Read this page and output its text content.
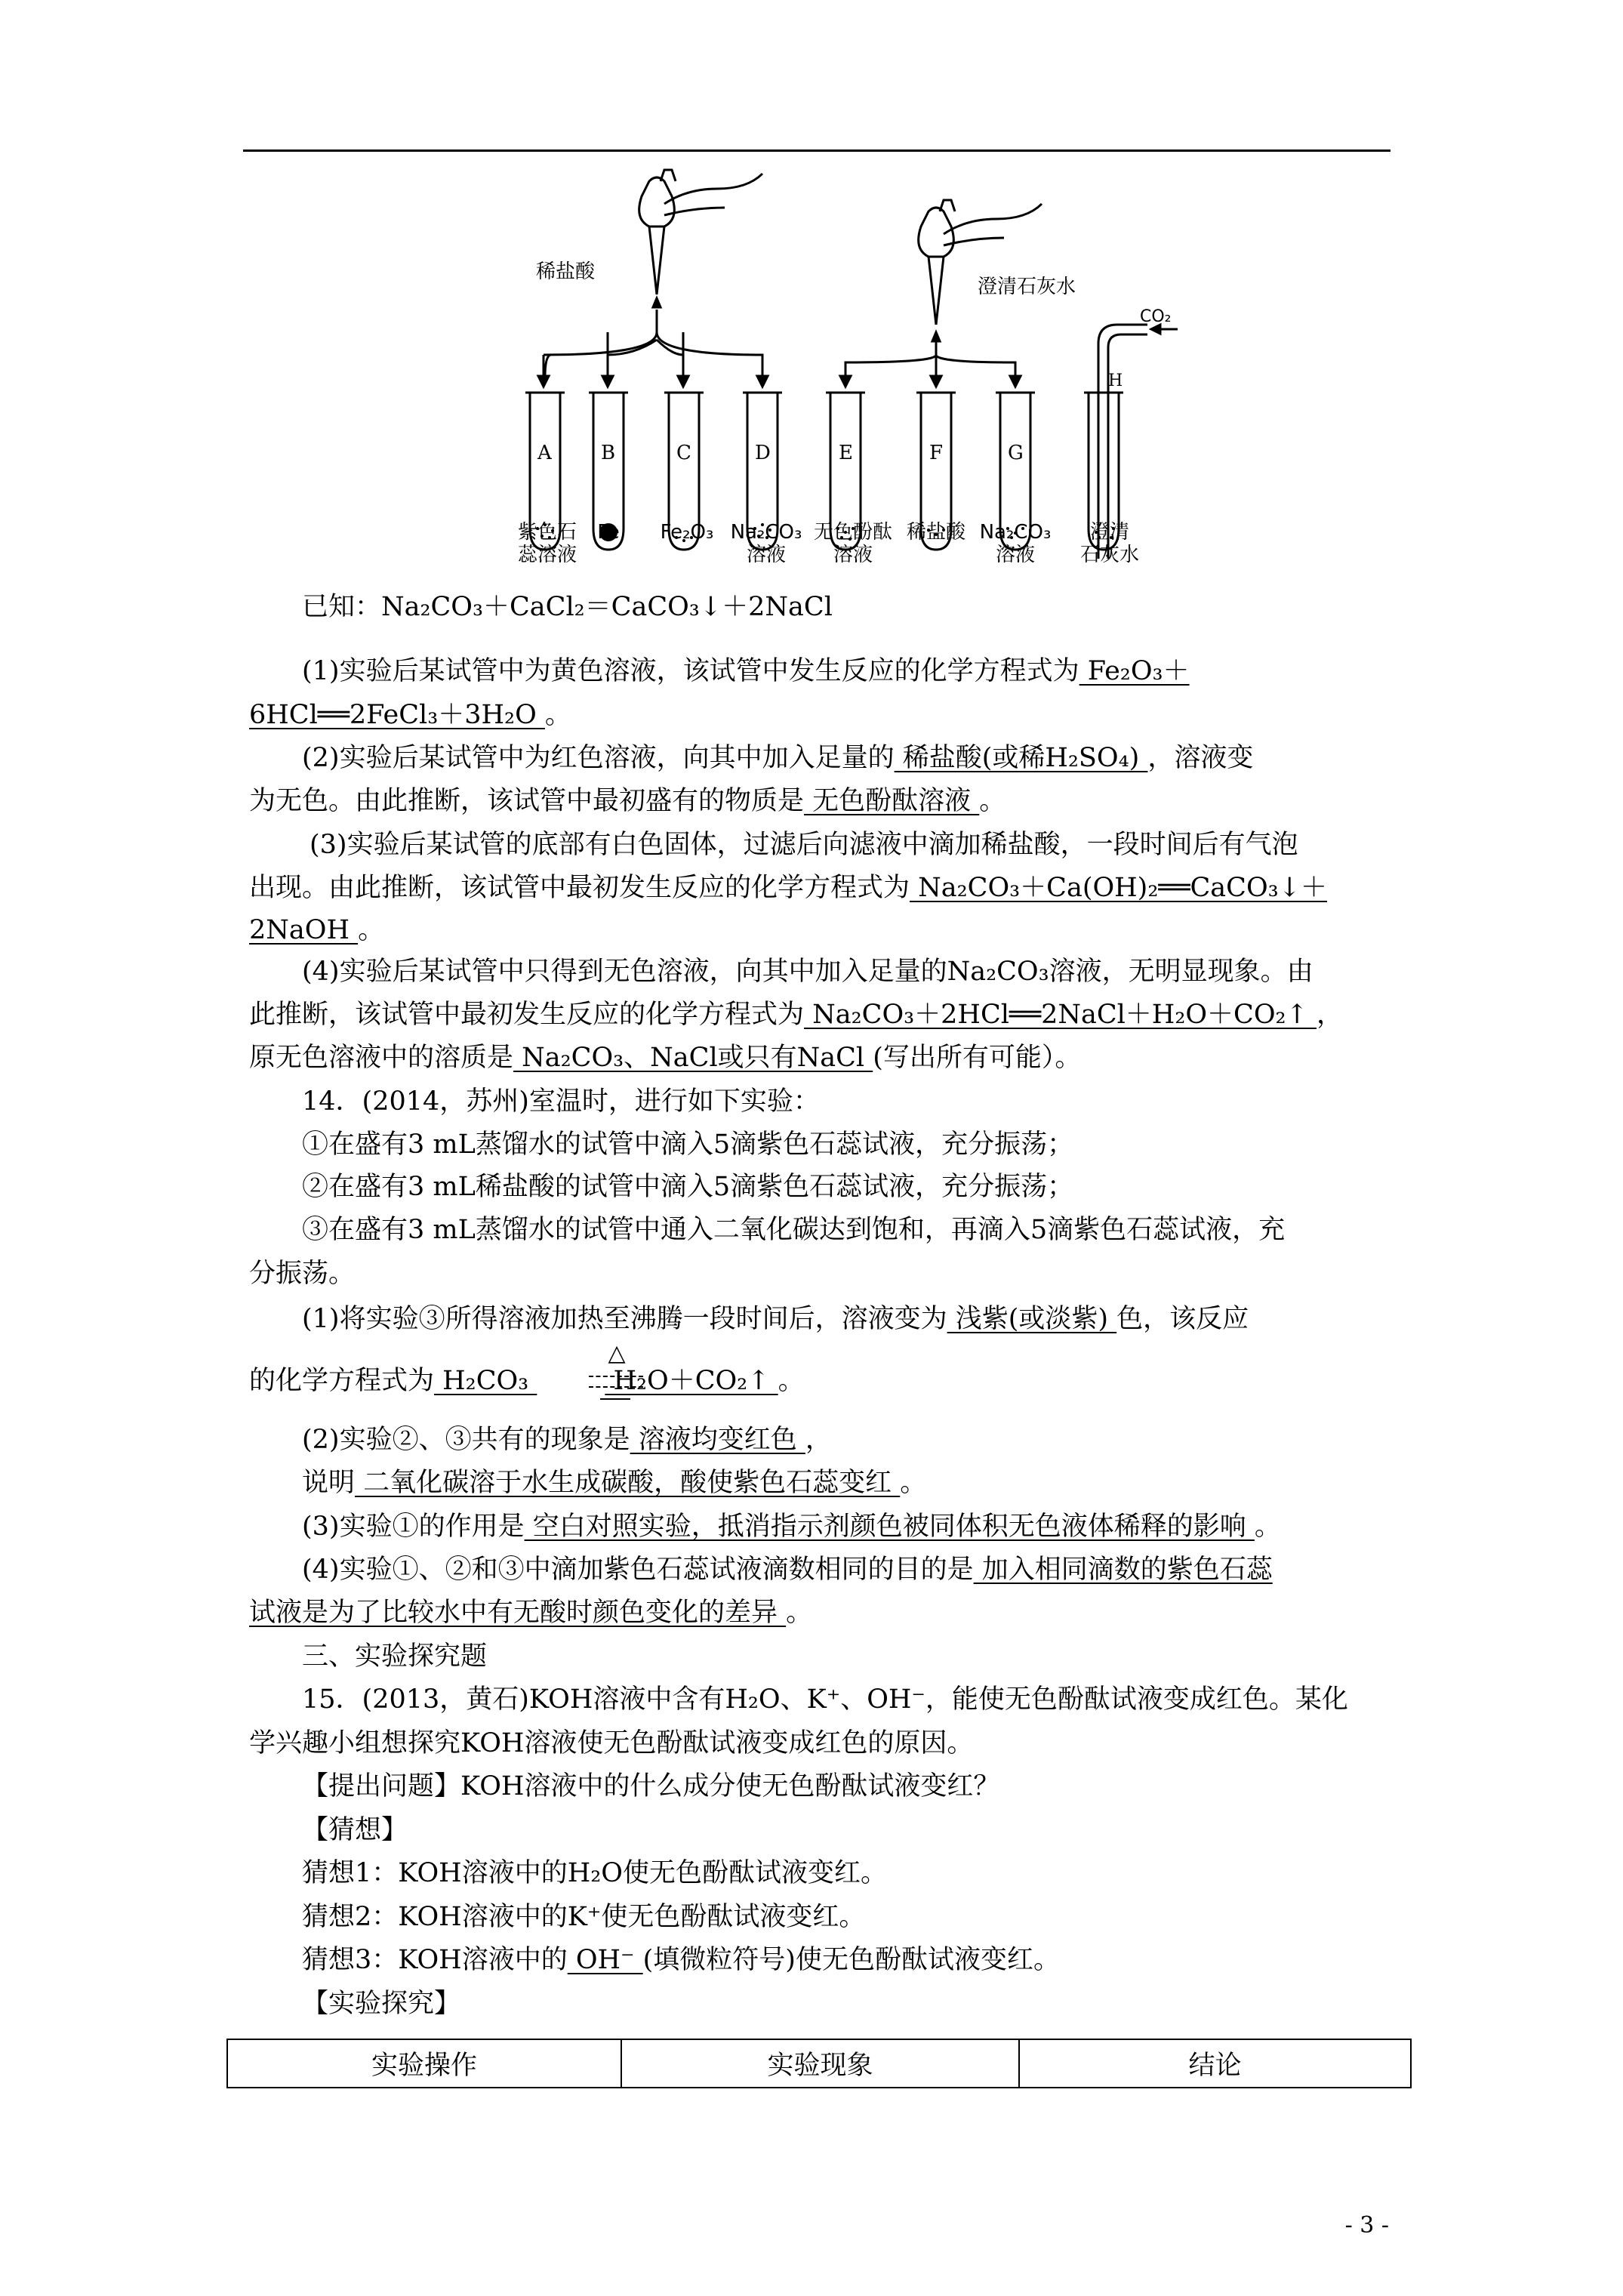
稀盐酸
澄清石灰水
CO₂
A	B	C	D	E	F	G
H
紫色石
蕊溶液
Fe	Fe₂O₃ Na₂CO₃
溶液
无色酚酞
溶液
稀盐酸 Na₂CO₃
溶液
澄清
石灰水
已知：Na₂CO₃＋CaCl₂＝CaCO₃↓＋2NaCl
(1)实验后某试管中为黄色溶液，该试管中发生反应的化学方程式为 Fe₂O₃＋
6HCl══2FeCl₃＋3H₂O 。
(2)实验后某试管中为红色溶液，向其中加入足量的 稀盐酸(或稀H₂SO₄) ，溶液变
为无色。由此推断，该试管中最初盛有的物质是 无色酚酞溶液 。
(3)实验后某试管的底部有白色固体，过滤后向滤液中滴加稀盐酸，一段时间后有气泡
出现。由此推断，该试管中最初发生反应的化学方程式为 Na₂CO₃＋Ca(OH)₂══CaCO₃↓＋
2NaOH 。
(4)实验后某试管中只得到无色溶液，向其中加入足量的Na₂CO₃溶液，无明显现象。由
此推断，该试管中最初发生反应的化学方程式为 Na₂CO₃＋2HCl══2NaCl＋H₂O＋CO₂↑ ，
原无色溶液中的溶质是 Na₂CO₃、NaCl或只有NaCl (写出所有可能）。
14．(2014，苏州)室温时，进行如下实验：
①在盛有3 mL蒸馏水的试管中滴入5滴紫色石蕊试液，充分振荡；
②在盛有3 mL稀盐酸的试管中滴入5滴紫色石蕊试液，充分振荡；
③在盛有3 mL蒸馏水的试管中通入二氧化碳达到饱和，再滴入5滴紫色石蕊试液，充
分振荡。
(1)将实验③所得溶液加热至沸腾一段时间后，溶液变为 浅紫(或淡紫) 色，该反应
的化学方程式为 H₂CO₃	H₂O＋CO₂↑ 。
△
(2)实验②、③共有的现象是 溶液均变红色 ，
说明 二氧化碳溶于水生成碳酸，酸使紫色石蕊变红 。
(3)实验①的作用是 空白对照实验，抵消指示剂颜色被同体积无色液体稀释的影响 。
(4)实验①、②和③中滴加紫色石蕊试液滴数相同的目的是 加入相同滴数的紫色石蕊
试液是为了比较水中有无酸时颜色变化的差异 。
三、实验探究题
15．(2013，黄石)KOH溶液中含有H₂O、K⁺、OH⁻，能使无色酚酞试液变成红色。某化
学兴趣小组想探究KOH溶液使无色酚酞试液变成红色的原因。
【提出问题】KOH溶液中的什么成分使无色酚酞试液变红？
【猜想】
猜想1：KOH溶液中的H₂O使无色酚酞试液变红。
猜想2：KOH溶液中的K⁺使无色酚酞试液变红。
猜想3：KOH溶液中的 OH⁻ (填微粒符号)使无色酚酞试液变红。
【实验探究】
实验操作	实验现象	结论
- 3 -
